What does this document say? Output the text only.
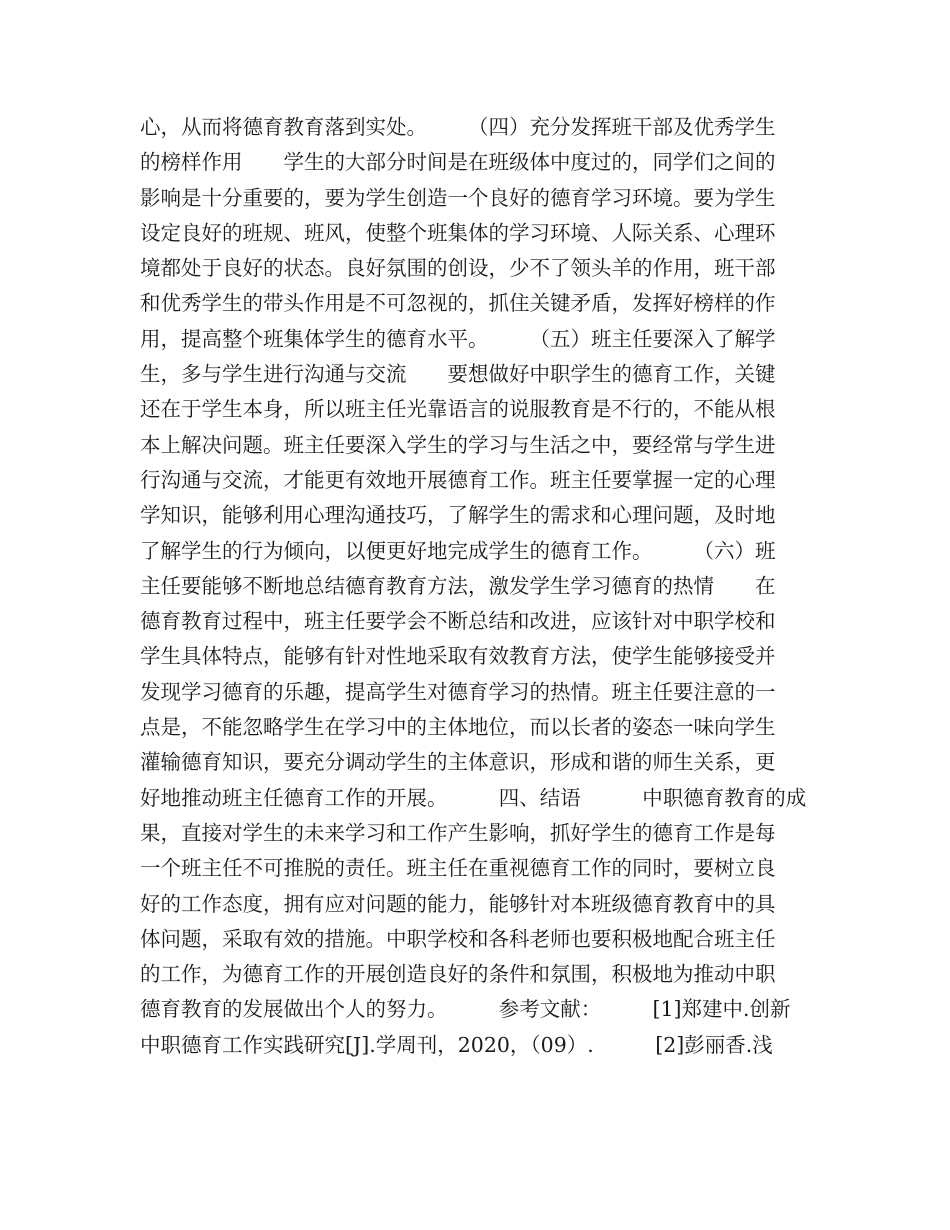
心，从而将德育教育落到实处。　　　（四）充分发挥班干部及优秀学生
的榜样作用　　学生的大部分时间是在班级体中度过的，同学们之间的
影响是十分重要的，要为学生创造一个良好的德育学习环境。要为学生
设定良好的班规、班风，使整个班集体的学习环境、人际关系、心理环
境都处于良好的状态。良好氛围的创设，少不了领头羊的作用，班干部
和优秀学生的带头作用是不可忽视的，抓住关键矛盾，发挥好榜样的作
用，提高整个班集体学生的德育水平。　　　（五）班主任要深入了解学
生，多与学生进行沟通与交流　　要想做好中职学生的德育工作，关键
还在于学生本身，所以班主任光靠语言的说服教育是不行的，不能从根
本上解决问题。班主任要深入学生的学习与生活之中，要经常与学生进
行沟通与交流，才能更有效地开展德育工作。班主任要掌握一定的心理
学知识，能够利用心理沟通技巧，了解学生的需求和心理问题，及时地
了解学生的行为倾向，以便更好地完成学生的德育工作。　　　（六）班
主任要能够不断地总结德育教育方法，激发学生学习德育的热情　　在
德育教育过程中，班主任要学会不断总结和改进，应该针对中职学校和
学生具体特点，能够有针对性地采取有效教育方法，使学生能够接受并
发现学习德育的乐趣，提高学生对德育学习的热情。班主任要注意的一
点是，不能忽略学生在学习中的主体地位，而以长者的姿态一味向学生
灌输德育知识，要充分调动学生的主体意识，形成和谐的师生关系，更
好地推动班主任德育工作的开展。　　　四、结语　　　中职德育教育的成
果，直接对学生的未来学习和工作产生影响，抓好学生的德育工作是每
一个班主任不可推脱的责任。班主任在重视德育工作的同时，要树立良
好的工作态度，拥有应对问题的能力，能够针对本班级德育教育中的具
体问题，采取有效的措施。中职学校和各科老师也要积极地配合班主任
的工作，为德育工作的开展创造良好的条件和氛围，积极地为推动中职
德育教育的发展做出个人的努力。　　　参考文献：　　　[1]郑建中.创新
中职德育工作实践研究[J].学周刊，2020，（09）.　　　[2]彭丽香.浅
